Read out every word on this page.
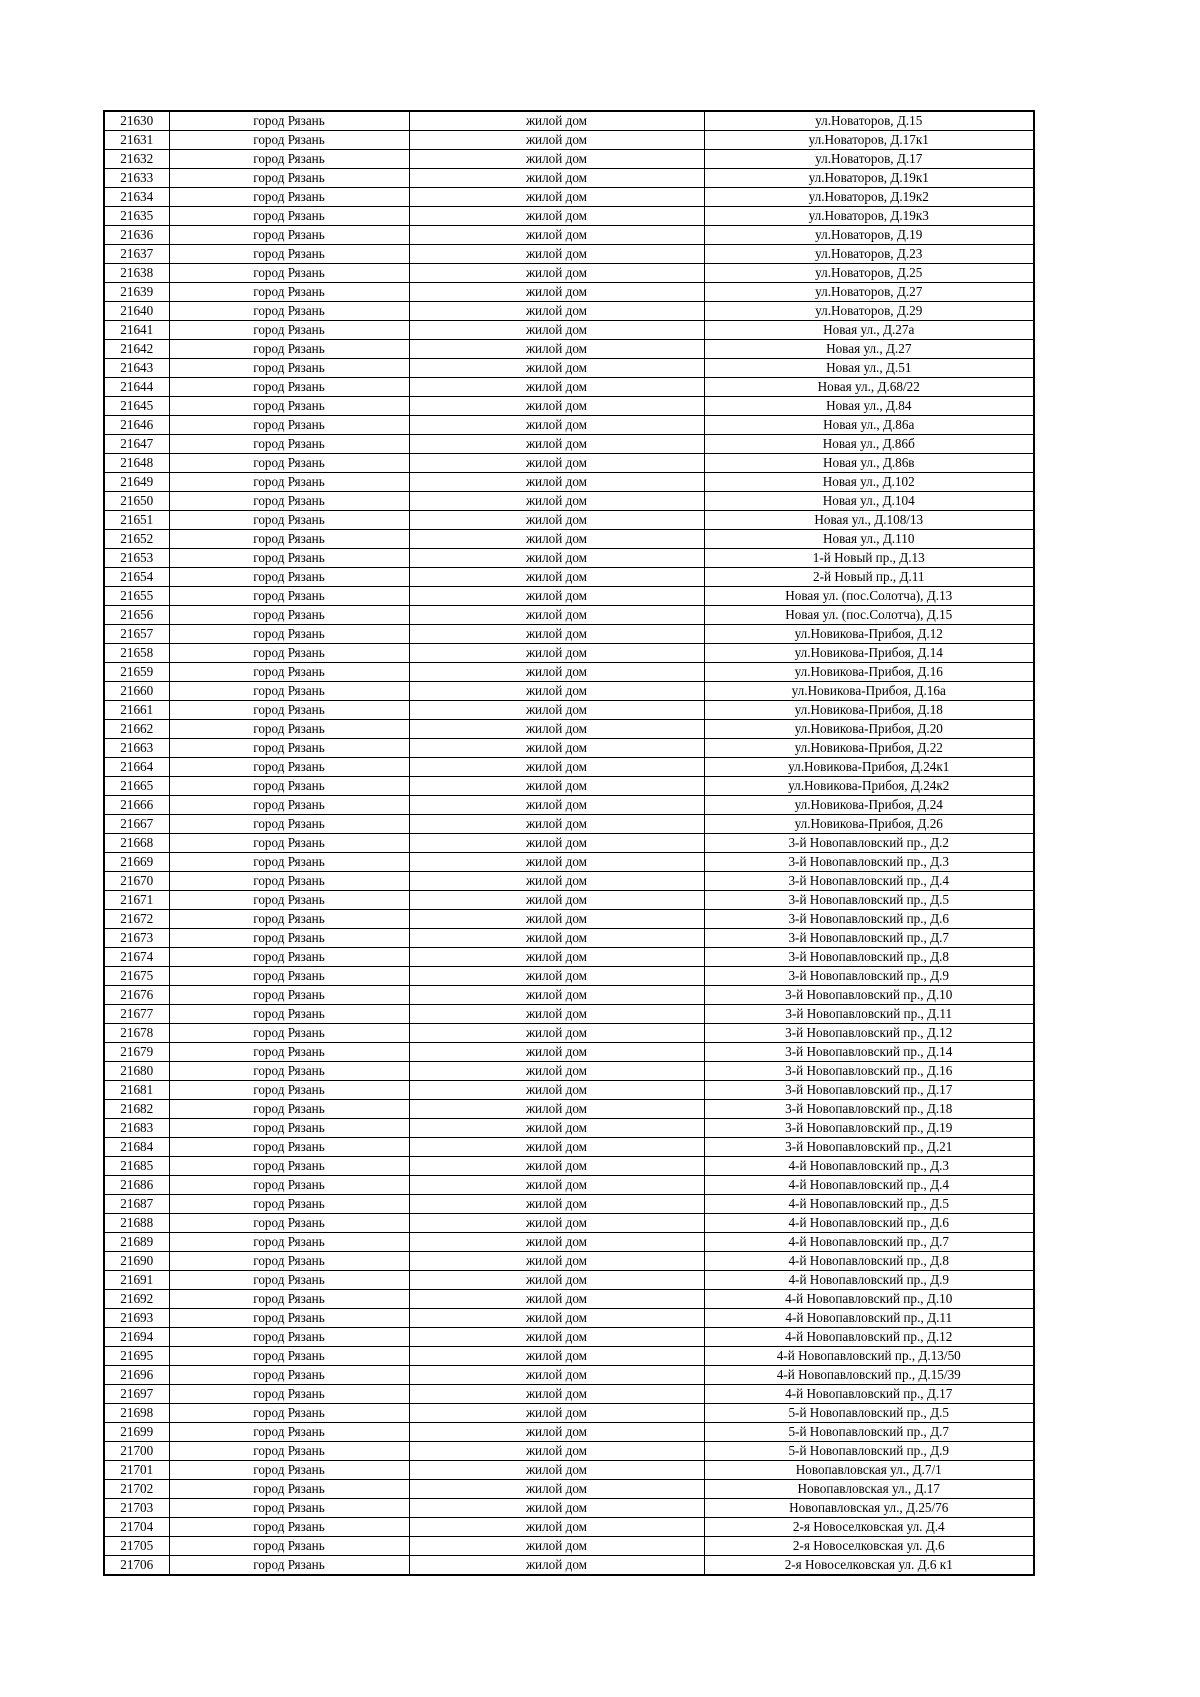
21630	город Рязань	жилой дом	ул.Новаторов, Д.15
21631	город Рязань	жилой дом	ул.Новаторов, Д.17к1
21632	город Рязань	жилой дом	ул.Новаторов, Д.17
21633	город Рязань	жилой дом	ул.Новаторов, Д.19к1
21634	город Рязань	жилой дом	ул.Новаторов, Д.19к2
21635	город Рязань	жилой дом	ул.Новаторов, Д.19к3
21636	город Рязань	жилой дом	ул.Новаторов, Д.19
21637	город Рязань	жилой дом	ул.Новаторов, Д.23
21638	город Рязань	жилой дом	ул.Новаторов, Д.25
21639	город Рязань	жилой дом	ул.Новаторов, Д.27
21640	город Рязань	жилой дом	ул.Новаторов, Д.29
21641	город Рязань	жилой дом	Новая ул., Д.27а
21642	город Рязань	жилой дом	Новая ул., Д.27
21643	город Рязань	жилой дом	Новая ул., Д.51
21644	город Рязань	жилой дом	Новая ул., Д.68/22
21645	город Рязань	жилой дом	Новая ул., Д.84
21646	город Рязань	жилой дом	Новая ул., Д.86а
21647	город Рязань	жилой дом	Новая ул., Д.86б
21648	город Рязань	жилой дом	Новая ул., Д.86в
21649	город Рязань	жилой дом	Новая ул., Д.102
21650	город Рязань	жилой дом	Новая ул., Д.104
21651	город Рязань	жилой дом	Новая ул., Д.108/13
21652	город Рязань	жилой дом	Новая ул., Д.110
21653	город Рязань	жилой дом	1-й Новый пр., Д.13
21654	город Рязань	жилой дом	2-й Новый пр., Д.11
21655	город Рязань	жилой дом	Новая ул. (пос.Солотча), Д.13
21656	город Рязань	жилой дом	Новая ул. (пос.Солотча), Д.15
21657	город Рязань	жилой дом	ул.Новикова-Прибоя, Д.12
21658	город Рязань	жилой дом	ул.Новикова-Прибоя, Д.14
21659	город Рязань	жилой дом	ул.Новикова-Прибоя, Д.16
21660	город Рязань	жилой дом	ул.Новикова-Прибоя, Д.16а
21661	город Рязань	жилой дом	ул.Новикова-Прибоя, Д.18
21662	город Рязань	жилой дом	ул.Новикова-Прибоя, Д.20
21663	город Рязань	жилой дом	ул.Новикова-Прибоя, Д.22
21664	город Рязань	жилой дом	ул.Новикова-Прибоя, Д.24к1
21665	город Рязань	жилой дом	ул.Новикова-Прибоя, Д.24к2
21666	город Рязань	жилой дом	ул.Новикова-Прибоя, Д.24
21667	город Рязань	жилой дом	ул.Новикова-Прибоя, Д.26
21668	город Рязань	жилой дом	3-й Новопавловский пр., Д.2
21669	город Рязань	жилой дом	3-й Новопавловский пр., Д.3
21670	город Рязань	жилой дом	3-й Новопавловский пр., Д.4
21671	город Рязань	жилой дом	3-й Новопавловский пр., Д.5
21672	город Рязань	жилой дом	3-й Новопавловский пр., Д.6
21673	город Рязань	жилой дом	3-й Новопавловский пр., Д.7
21674	город Рязань	жилой дом	3-й Новопавловский пр., Д.8
21675	город Рязань	жилой дом	3-й Новопавловский пр., Д.9
21676	город Рязань	жилой дом	3-й Новопавловский пр., Д.10
21677	город Рязань	жилой дом	3-й Новопавловский пр., Д.11
21678	город Рязань	жилой дом	3-й Новопавловский пр., Д.12
21679	город Рязань	жилой дом	3-й Новопавловский пр., Д.14
21680	город Рязань	жилой дом	3-й Новопавловский пр., Д.16
21681	город Рязань	жилой дом	3-й Новопавловский пр., Д.17
21682	город Рязань	жилой дом	3-й Новопавловский пр., Д.18
21683	город Рязань	жилой дом	3-й Новопавловский пр., Д.19
21684	город Рязань	жилой дом	3-й Новопавловский пр., Д.21
21685	город Рязань	жилой дом	4-й Новопавловский пр., Д.3
21686	город Рязань	жилой дом	4-й Новопавловский пр., Д.4
21687	город Рязань	жилой дом	4-й Новопавловский пр., Д.5
21688	город Рязань	жилой дом	4-й Новопавловский пр., Д.6
21689	город Рязань	жилой дом	4-й Новопавловский пр., Д.7
21690	город Рязань	жилой дом	4-й Новопавловский пр., Д.8
21691	город Рязань	жилой дом	4-й Новопавловский пр., Д.9
21692	город Рязань	жилой дом	4-й Новопавловский пр., Д.10
21693	город Рязань	жилой дом	4-й Новопавловский пр., Д.11
21694	город Рязань	жилой дом	4-й Новопавловский пр., Д.12
21695	город Рязань	жилой дом	4-й Новопавловский пр., Д.13/50
21696	город Рязань	жилой дом	4-й Новопавловский пр., Д.15/39
21697	город Рязань	жилой дом	4-й Новопавловский пр., Д.17
21698	город Рязань	жилой дом	5-й Новопавловский пр., Д.5
21699	город Рязань	жилой дом	5-й Новопавловский пр., Д.7
21700	город Рязань	жилой дом	5-й Новопавловский пр., Д.9
21701	город Рязань	жилой дом	Новопавловская ул., Д.7/1
21702	город Рязань	жилой дом	Новопавловская ул., Д.17
21703	город Рязань	жилой дом	Новопавловская ул., Д.25/76
21704	город Рязань	жилой дом	2-я Новоселковская ул. Д.4
21705	город Рязань	жилой дом	2-я Новоселковская ул. Д.6
21706	город Рязань	жилой дом	2-я Новоселковская ул. Д.6 к1
